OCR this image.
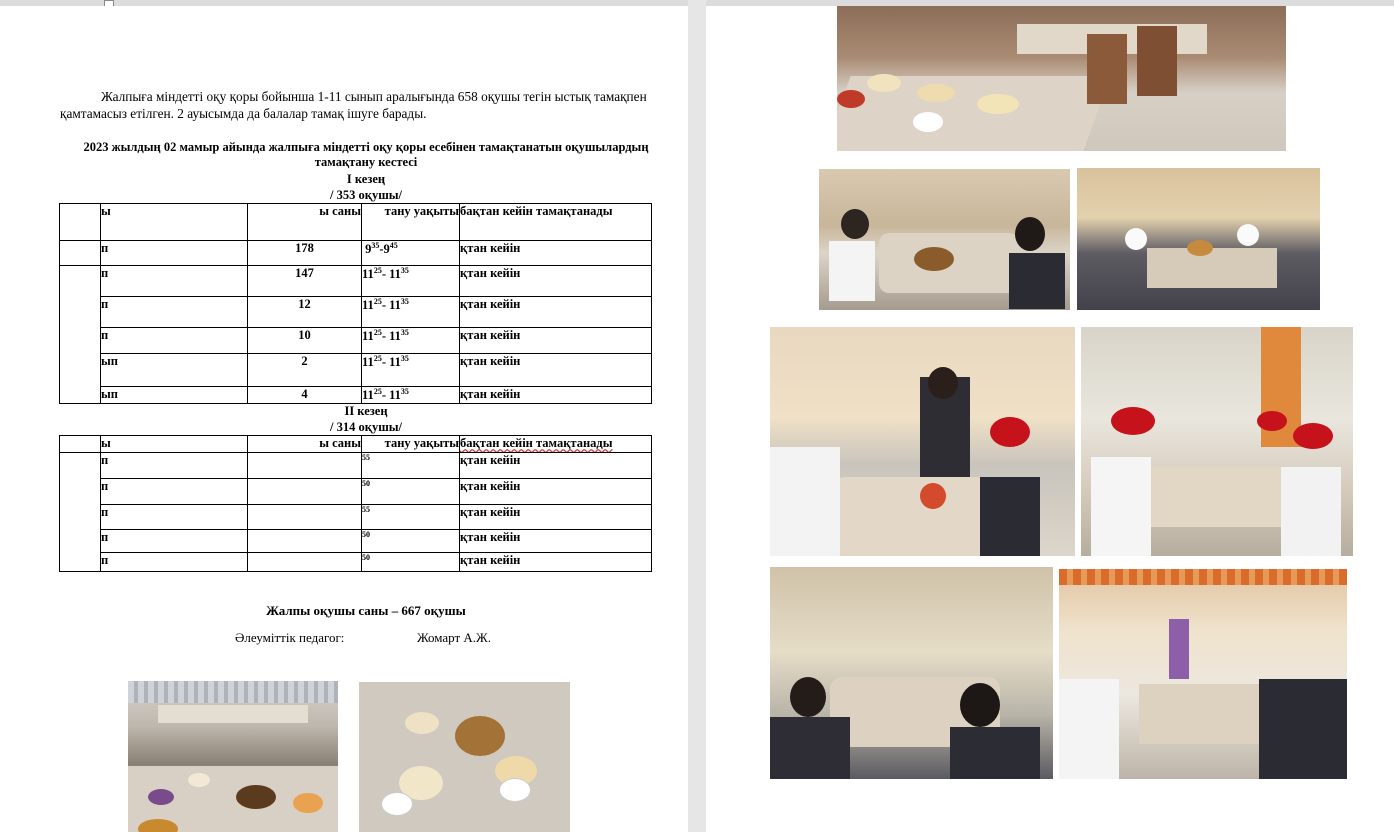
Жалпыға міндетті оқу қоры бойынша 1-11 сынып аралығында 658 оқушы тегін ыстық тамақпен қамтамасыз етілген. 2 ауысымда да балалар тамақ ішуге барады.

2023 жылдың 02 мамыр айында жалпыға міндетті оқу қоры есебінен тамақтанатын оқушылардың тамақтану кестесі

І кезең

/ 353 оқушы/

	ы	ы саны	тану уақыты	бақтан кейін тамақтанады
	п	178	$9^{35}-9^{45}$	қтан кейін
	п	147	$11^{25}-$ $11^{35}$	қтан кейін
	п	12	$11^{25}-$ $11^{35}$	қтан кейін
	п	10	$11^{25}-$ $11^{35}$	қтан кейін
	ып	2	$11^{25}-$ $11^{35}$	қтан кейін
	ып	4	$11^{25}-$ $11^{35}$	қтан кейін

ІІ кезең

/ 314 оқушы/

	ы	ы саны	тану уақыты	бақтан кейін тамақтанады
	п		$^{55}$	қтан кейін
	п		$^{50}$	қтан кейін
	п		$^{55}$	қтан кейін
	п		$^{50}$	қтан кейін
	п		$^{50}$	қтан кейін

Жалпы оқушы саны – 667 оқушы

Әлеуміттік педагог:	Жомарт А.Ж.
